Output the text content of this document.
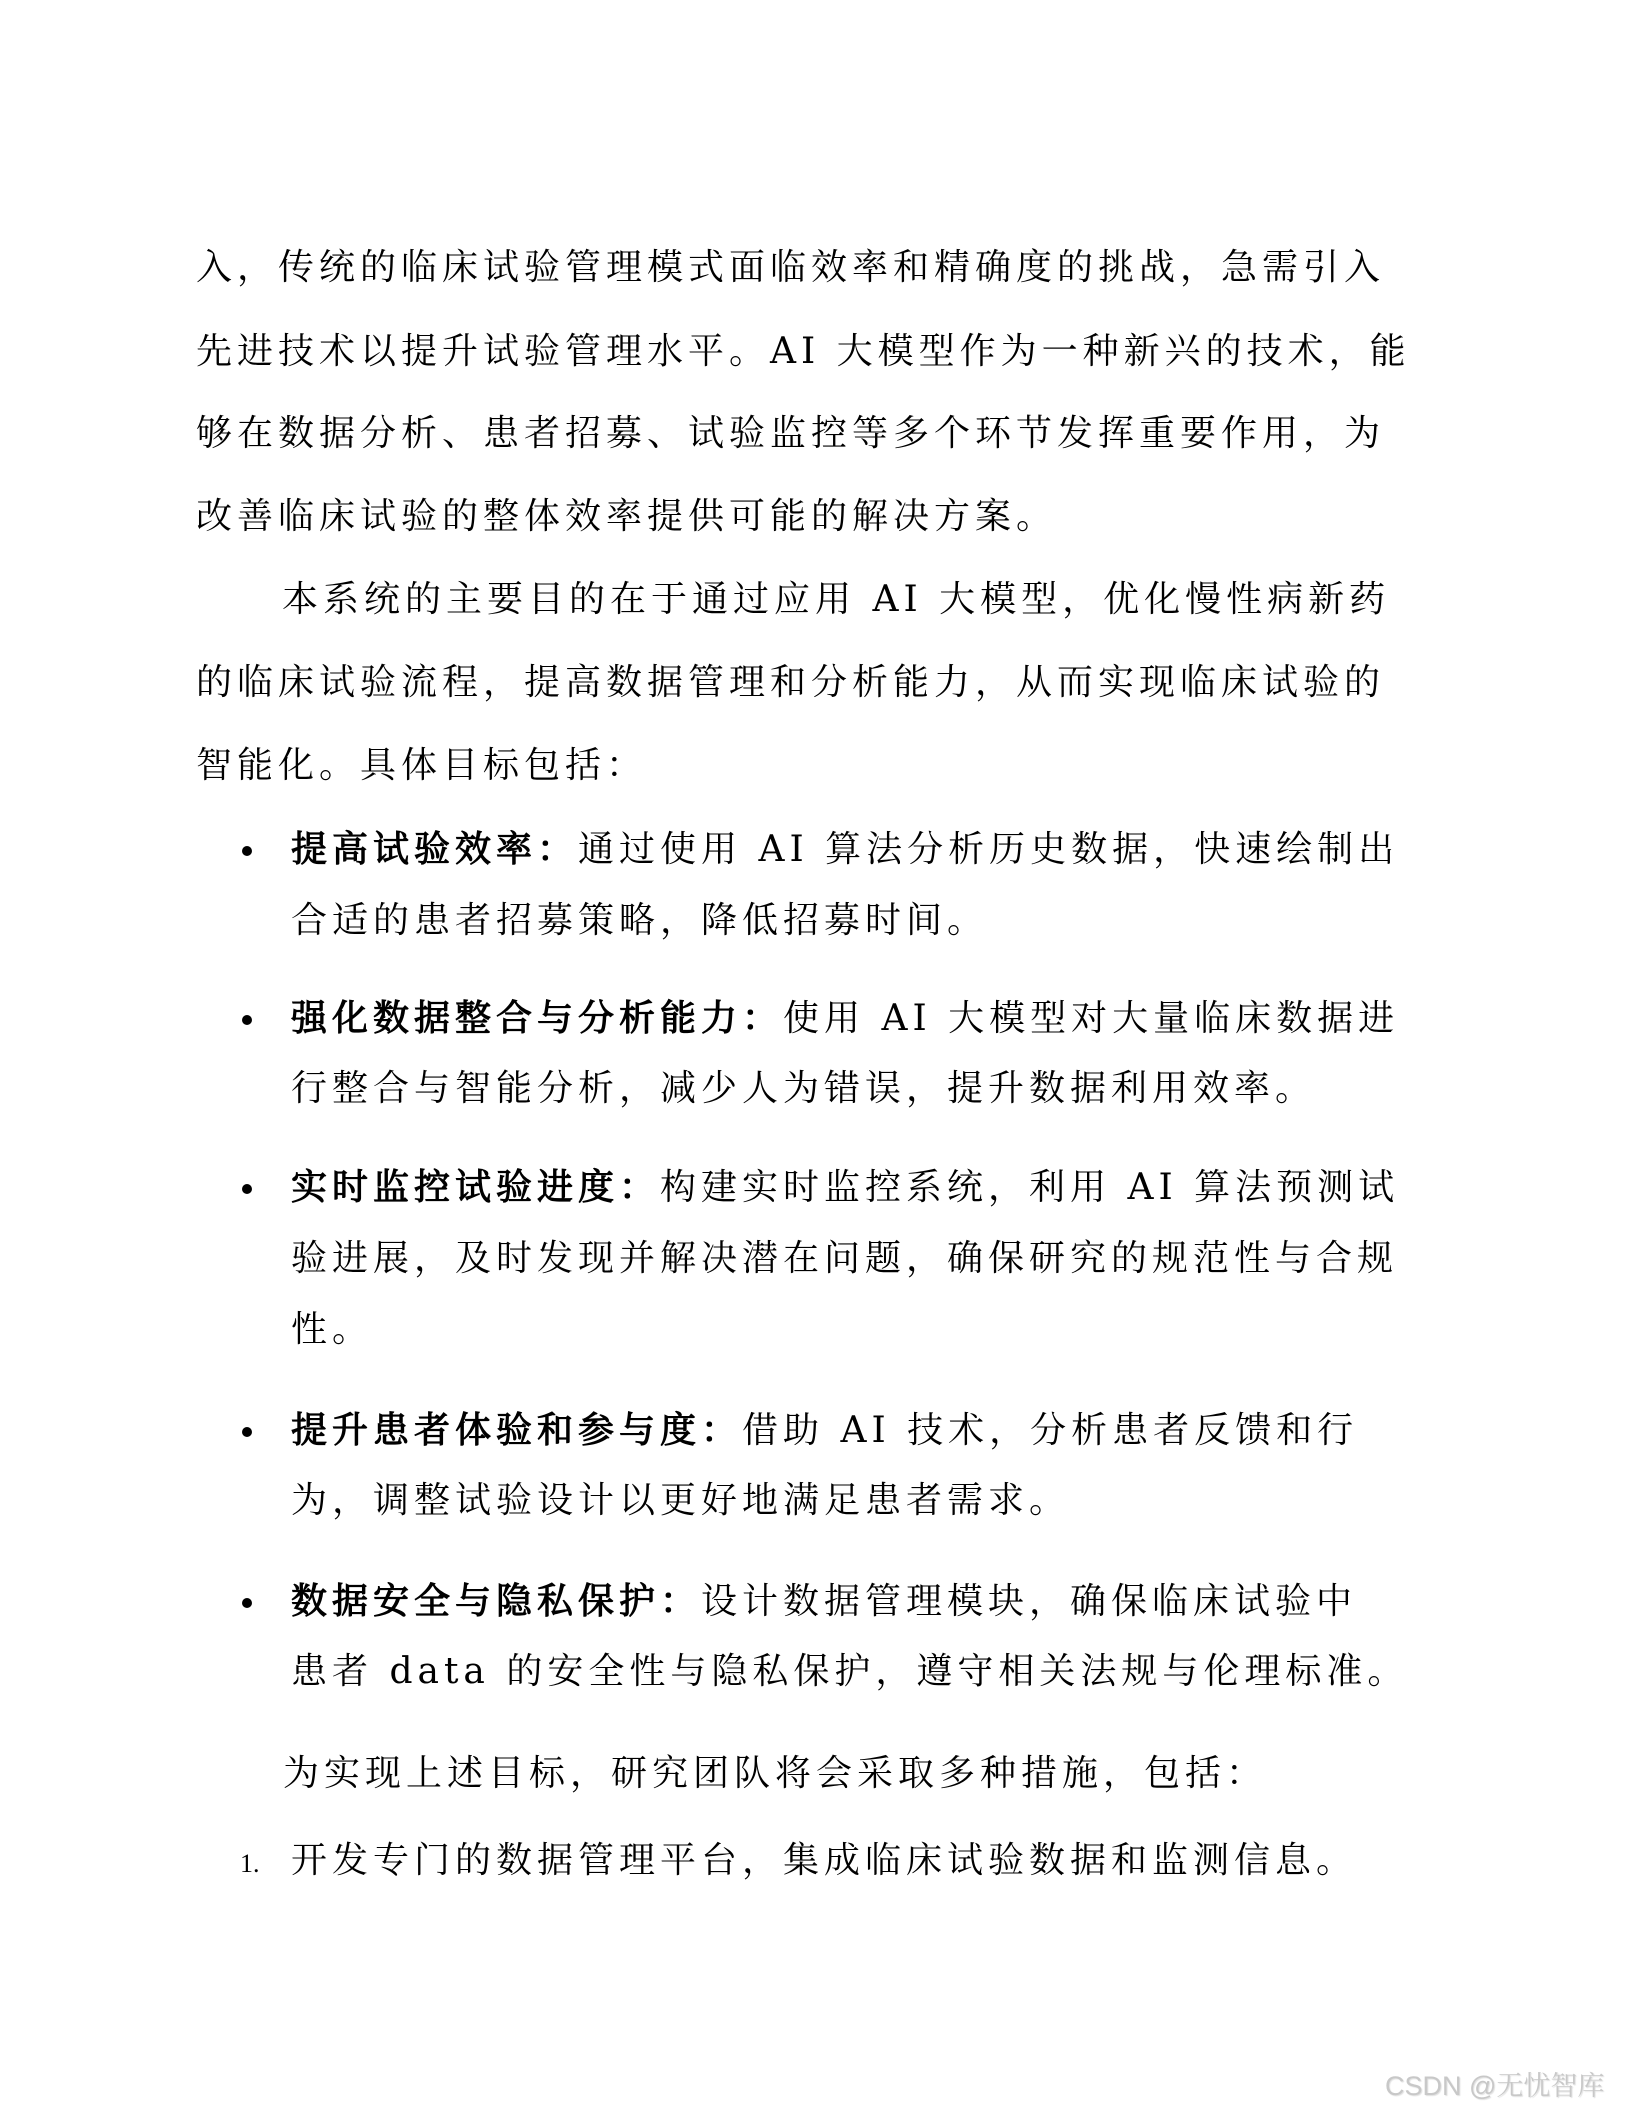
入，传统的临床试验管理模式面临效率和精确度的挑战，急需引入
先进技术以提升试验管理水平。AI 大模型作为一种新兴的技术，能
够在数据分析、患者招募、试验监控等多个环节发挥重要作用，为
改善临床试验的整体效率提供可能的解决方案。
本系统的主要目的在于通过应用 AI 大模型，优化慢性病新药
的临床试验流程，提高数据管理和分析能力，从而实现临床试验的
智能化。具体目标包括：
提高试验效率：通过使用 AI 算法分析历史数据，快速绘制出
合适的患者招募策略，降低招募时间。
强化数据整合与分析能力：使用 AI 大模型对大量临床数据进
行整合与智能分析，减少人为错误，提升数据利用效率。
实时监控试验进度：构建实时监控系统，利用 AI 算法预测试
验进展，及时发现并解决潜在问题，确保研究的规范性与合规
性。
提升患者体验和参与度：借助 AI 技术，分析患者反馈和行
为，调整试验设计以更好地满足患者需求。
数据安全与隐私保护：设计数据管理模块，确保临床试验中
患者 data 的安全性与隐私保护，遵守相关法规与伦理标准。
为实现上述目标，研究团队将会采取多种措施，包括：
1. 开发专门的数据管理平台，集成临床试验数据和监测信息。
CSDN @无忧智库
